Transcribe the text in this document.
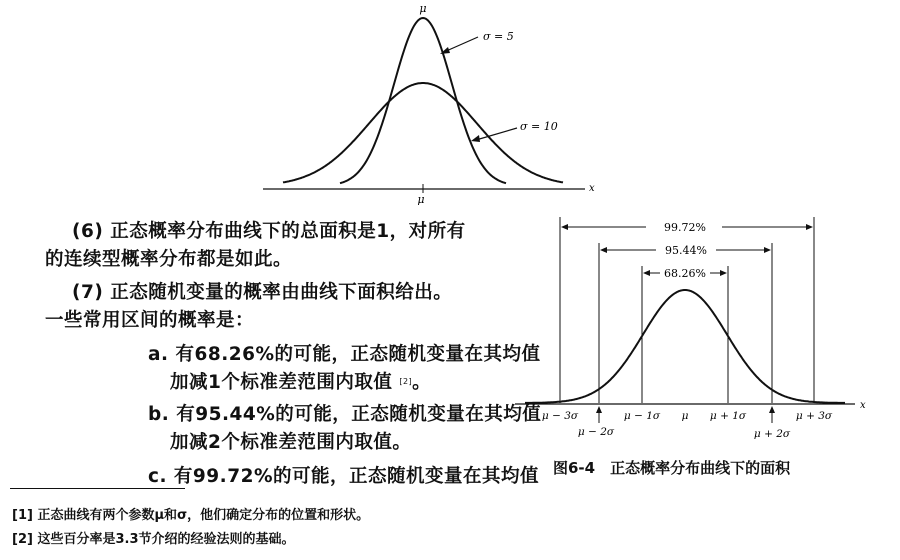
σ = 5
σ = 10
μ
μ
x
(6) 正态概率分布曲线下的总面积是1，对所有
的连续型概率分布都是如此。
(7) 正态随机变量的概率由曲线下面积给出。
一些常用区间的概率是：
a. 有68.26%的可能，正态随机变量在其均值
加减1个标准差范围内取值 [2]。
b. 有95.44%的可能，正态随机变量在其均值
加减2个标准差范围内取值。
c. 有99.72%的可能，正态随机变量在其均值
[1] 正态曲线有两个参数μ和σ，他们确定分布的位置和形状。
[2] 这些百分率是3.3节介绍的经验法则的基础。
99.72%
95.44%
68.26%
x
μ − 3σ	μ − 1σ μ μ + 1σ	μ + 3σ
μ − 2σ	μ + 2σ
图6-4　正态概率分布曲线下的面积
